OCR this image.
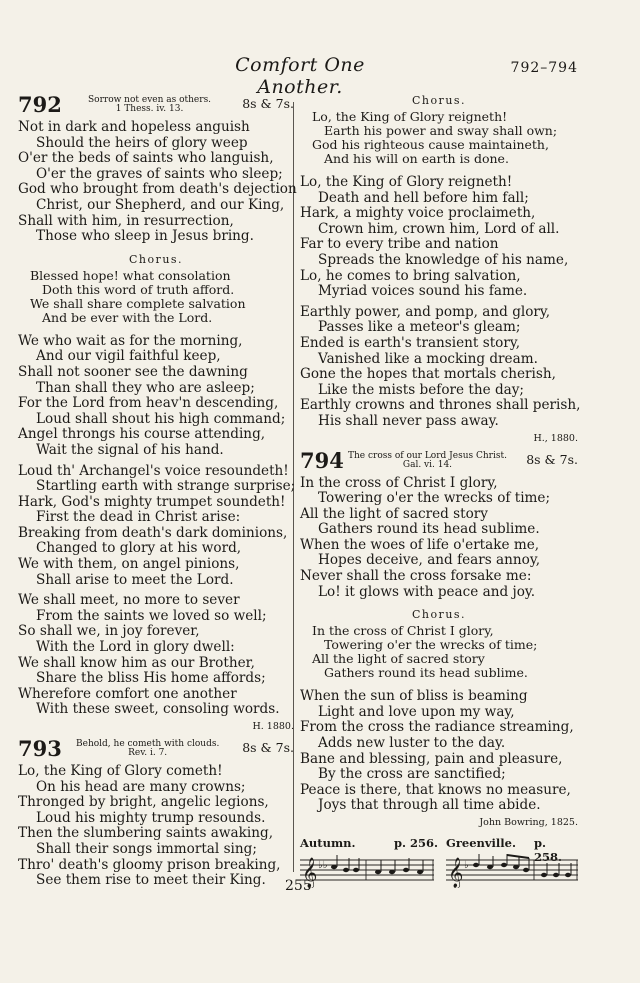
Comfort One Another.
792–794
792	Sorrow not even as others.
1 Thess. iv. 13.	8s & 7s.
Not in dark and hopeless anguish
Should the heirs of glory weep
O'er the beds of saints who languish,
O'er the graves of saints who sleep;
God who brought from death's dejection
Christ, our Shepherd, and our King,
Shall with him, in resurrection,
Those who sleep in Jesus bring.
Chorus.
Blessed hope! what consolation
Doth this word of truth afford.
We shall share complete salvation
And be ever with the Lord.
We who wait as for the morning,
And our vigil faithful keep,
Shall not sooner see the dawning
Than shall they who are asleep;
For the Lord from heav'n descending,
Loud shall shout his high command;
Angel throngs his course attending,
Wait the signal of his hand.
Loud th' Archangel's voice resoundeth!
Startling earth with strange surprise;
Hark, God's mighty trumpet soundeth!
First the dead in Christ arise:
Breaking from death's dark dominions,
Changed to glory at his word,
We with them, on angel pinions,
Shall arise to meet the Lord.
We shall meet, no more to sever
From the saints we loved so well;
So shall we, in joy forever,
With the Lord in glory dwell:
We shall know him as our Brother,
Share the bliss His home affords;
Wherefore comfort one another
With these sweet, consoling words.
H. 1880.
793 Behold, he cometh with clouds.
Rev. i. 7.	8s & 7s.
Lo, the King of Glory cometh!
On his head are many crowns;
Thronged by bright, angelic legions,
Loud his mighty trump resounds.
Then the slumbering saints awaking,
Shall their songs immortal sing;
Thro' death's gloomy prison breaking,
See them rise to meet their King.
Chorus.
Lo, the King of Glory reigneth!
Earth his power and sway shall own;
God his righteous cause maintaineth,
And his will on earth is done.
Lo, the King of Glory reigneth!
Death and hell before him fall;
Hark, a mighty voice proclaimeth,
Crown him, crown him, Lord of all.
Far to every tribe and nation
Spreads the knowledge of his name,
Lo, he comes to bring salvation,
Myriad voices sound his fame.
Earthly power, and pomp, and glory,
Passes like a meteor's gleam;
Ended is earth's transient story,
Vanished like a mocking dream.
Gone the hopes that mortals cherish,
Like the mists before the day;
Earthly crowns and thrones shall perish,
His shall never pass away.
H., 1880.
794 The cross of our Lord Jesus Christ.
Gal. vi. 14.	8s & 7s.
In the cross of Christ I glory,
Towering o'er the wrecks of time;
All the light of sacred story
Gathers round its head sublime.
When the woes of life o'ertake me,
Hopes deceive, and fears annoy,
Never shall the cross forsake me:
Lo! it glows with peace and joy.
Chorus.
In the cross of Christ I glory,
Towering o'er the wrecks of time;
All the light of sacred story
Gathers round its head sublime.
When the sun of bliss is beaming
Light and love upon my way,
From the cross the radiance streaming,
Adds new luster to the day.
Bane and blessing, pain and pleasure,
By the cross are sanctified;
Peace is there, that knows no measure,
Joys that through all time abide.
John Bowring, 1825.
Autumn.	p. 256. Greenville. p. 258.
𝄞 ♭♭	𝄞 ♭
255
